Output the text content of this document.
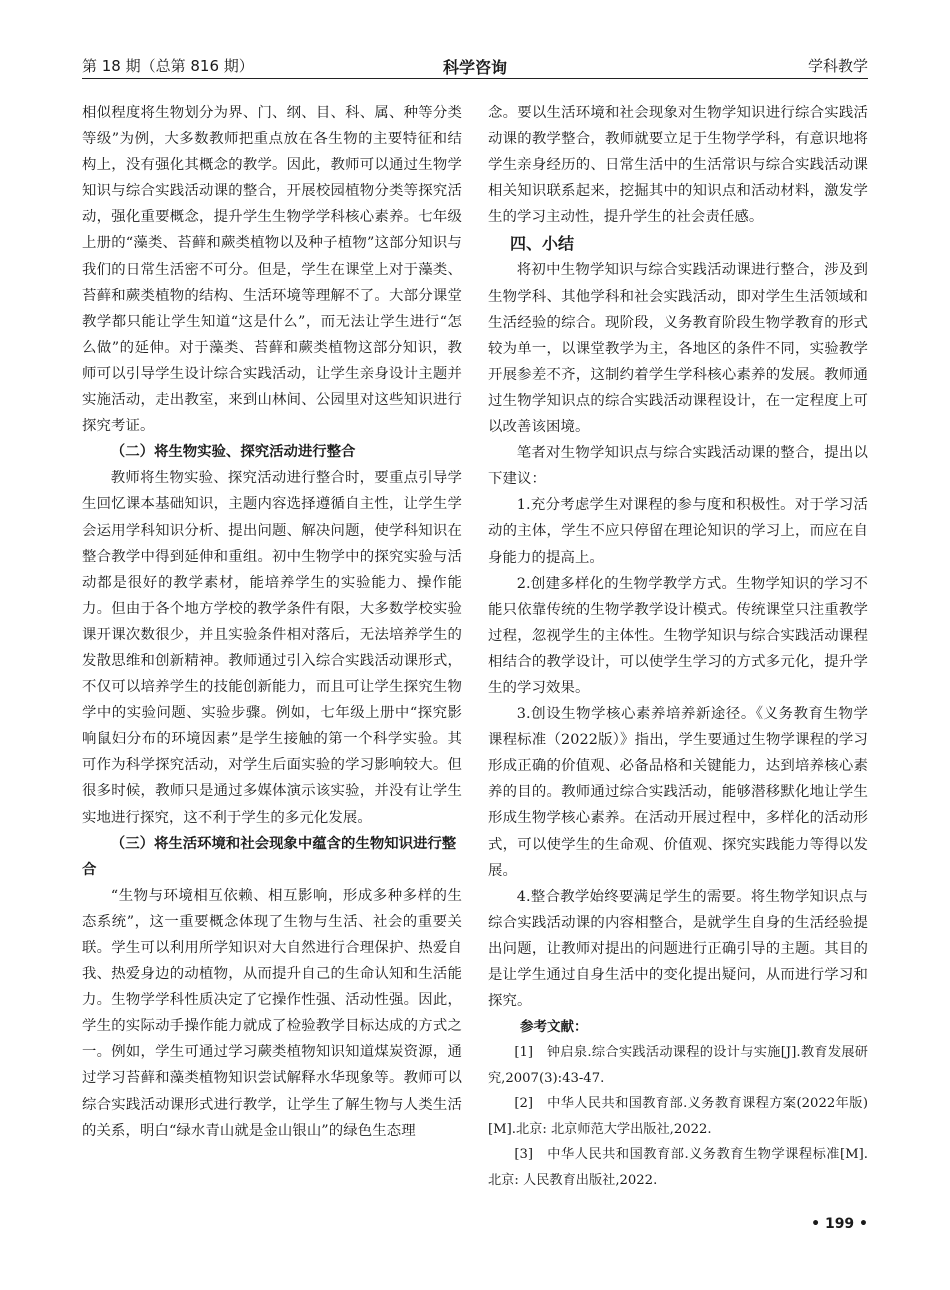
第 18 期（总第 816 期）	科学咨询	学科教学

相似程度将生物划分为界、门、纲、目、科、属、种等分类等级”为例，大多数教师把重点放在各生物的主要特征和结构上，没有强化其概念的教学。因此，教师可以通过生物学知识与综合实践活动课的整合，开展校园植物分类等探究活动，强化重要概念，提升学生生物学学科核心素养。七年级上册的“藻类、苔藓和蕨类植物以及种子植物”这部分知识与我们的日常生活密不可分。但是，学生在课堂上对于藻类、苔藓和蕨类植物的结构、生活环境等理解不了。大部分课堂教学都只能让学生知道“这是什么”，而无法让学生进行“怎么做”的延伸。对于藻类、苔藓和蕨类植物这部分知识，教师可以引导学生设计综合实践活动，让学生亲身设计主题并实施活动，走出教室，来到山林间、公园里对这些知识进行探究考证。

（二）将生物实验、探究活动进行整合

教师将生物实验、探究活动进行整合时，要重点引导学生回忆课本基础知识，主题内容选择遵循自主性，让学生学会运用学科知识分析、提出问题、解决问题，使学科知识在整合教学中得到延伸和重组。初中生物学中的探究实验与活动都是很好的教学素材，能培养学生的实验能力、操作能力。但由于各个地方学校的教学条件有限，大多数学校实验课开课次数很少，并且实验条件相对落后，无法培养学生的发散思维和创新精神。教师通过引入综合实践活动课形式，不仅可以培养学生的技能创新能力，而且可让学生探究生物学中的实验问题、实验步骤。例如，七年级上册中“探究影响鼠妇分布的环境因素”是学生接触的第一个科学实验。其可作为科学探究活动，对学生后面实验的学习影响较大。但很多时候，教师只是通过多媒体演示该实验，并没有让学生实地进行探究，这不利于学生的多元化发展。

（三）将生活环境和社会现象中蕴含的生物知识进行整合

“生物与环境相互依赖、相互影响，形成多种多样的生态系统”，这一重要概念体现了生物与生活、社会的重要关联。学生可以利用所学知识对大自然进行合理保护、热爱自我、热爱身边的动植物，从而提升自己的生命认知和生活能力。生物学学科性质决定了它操作性强、活动性强。因此，学生的实际动手操作能力就成了检验教学目标达成的方式之一。例如，学生可通过学习蕨类植物知识知道煤炭资源，通过学习苔藓和藻类植物知识尝试解释水华现象等。教师可以综合实践活动课形式进行教学，让学生了解生物与人类生活的关系，明白“绿水青山就是金山银山”的绿色生态理

念。要以生活环境和社会现象对生物学知识进行综合实践活动课的教学整合，教师就要立足于生物学学科，有意识地将学生亲身经历的、日常生活中的生活常识与综合实践活动课相关知识联系起来，挖掘其中的知识点和活动材料，激发学生的学习主动性，提升学生的社会责任感。

四、小结

将初中生物学知识与综合实践活动课进行整合，涉及到生物学科、其他学科和社会实践活动，即对学生生活领域和生活经验的综合。现阶段，义务教育阶段生物学教育的形式较为单一，以课堂教学为主，各地区的条件不同，实验教学开展参差不齐，这制约着学生学科核心素养的发展。教师通过生物学知识点的综合实践活动课程设计，在一定程度上可以改善该困境。

笔者对生物学知识点与综合实践活动课的整合，提出以下建议：

1.充分考虑学生对课程的参与度和积极性。对于学习活动的主体，学生不应只停留在理论知识的学习上，而应在自身能力的提高上。

2.创建多样化的生物学教学方式。生物学知识的学习不能只依靠传统的生物学教学设计模式。传统课堂只注重教学过程，忽视学生的主体性。生物学知识与综合实践活动课程相结合的教学设计，可以使学生学习的方式多元化，提升学生的学习效果。

3.创设生物学核心素养培养新途径。《义务教育生物学课程标准（2022版）》指出，学生要通过生物学课程的学习形成正确的价值观、必备品格和关键能力，达到培养核心素养的目的。教师通过综合实践活动，能够潜移默化地让学生形成生物学核心素养。在活动开展过程中，多样化的活动形式，可以使学生的生命观、价值观、探究实践能力等得以发展。

4.整合教学始终要满足学生的需要。将生物学知识点与综合实践活动课的内容相整合，是就学生自身的生活经验提出问题，让教师对提出的问题进行正确引导的主题。其目的是让学生通过自身生活中的变化提出疑问，从而进行学习和探究。

参考文献：

[1]　钟启泉.综合实践活动课程的设计与实施[J].教育发展研究,2007(3):43-47.

[2]　中华人民共和国教育部.义务教育课程方案(2022年版)[M].北京: 北京师范大学出版社,2022.

[3]　中华人民共和国教育部.义务教育生物学课程标准[M].北京: 人民教育出版社,2022.

• 199 •
